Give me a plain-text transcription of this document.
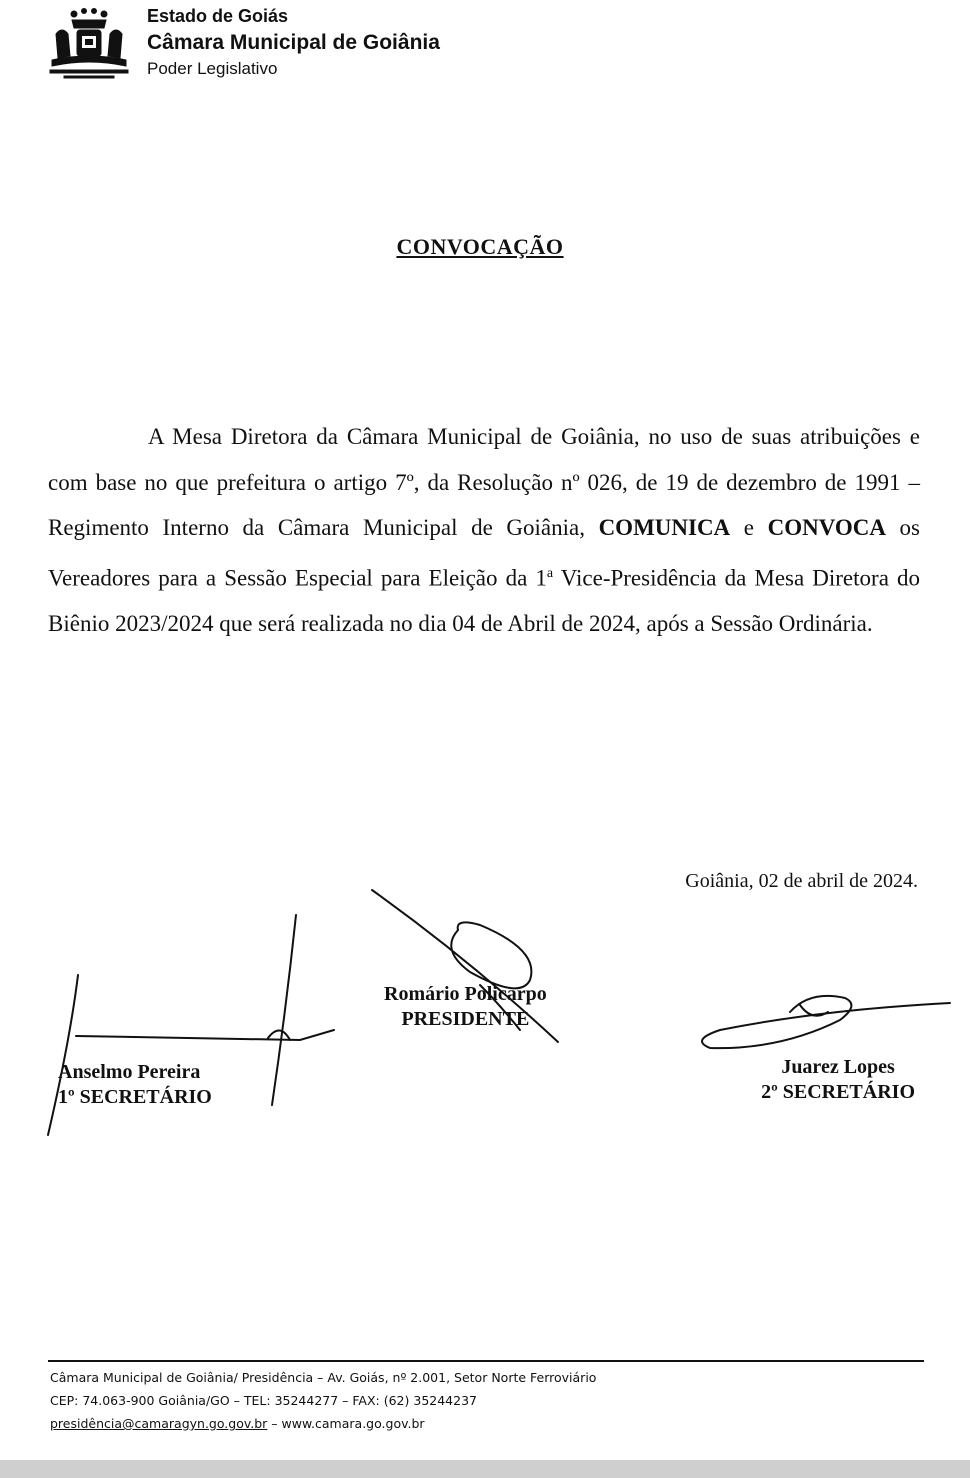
Estado de Goiás
Câmara Municipal de Goiânia
Poder Legislativo
CONVOCAÇÃO

A Mesa Diretora da Câmara Municipal de Goiânia, no uso de suas atribuições e com base no que prefeitura o artigo 7º, da Resolução nº 026, de 19 de dezembro de 1991 – Regimento Interno da Câmara Municipal de Goiânia, COMUNICA e CONVOCA os Vereadores para a Sessão Especial para Eleição da 1$^a$ Vice-Presidência da Mesa Diretora do Biênio 2023/2024 que será realizada no dia 04 de Abril de 2024, após a Sessão Ordinária.

Goiânia, 02 de abril de 2024.
Romário Policarpo
PRESIDENTE
Anselmo Pereira
1º SECRETÁRIO
Juarez Lopes
2º SECRETÁRIO
Câmara Municipal de Goiânia/ Presidência – Av. Goiás, nº 2.001, Setor Norte Ferroviário
CEP: 74.063-900 Goiânia/GO – TEL: 35244277 – FAX: (62) 35244237
presidência@camaragyn.go.gov.br – www.camara.go.gov.br
